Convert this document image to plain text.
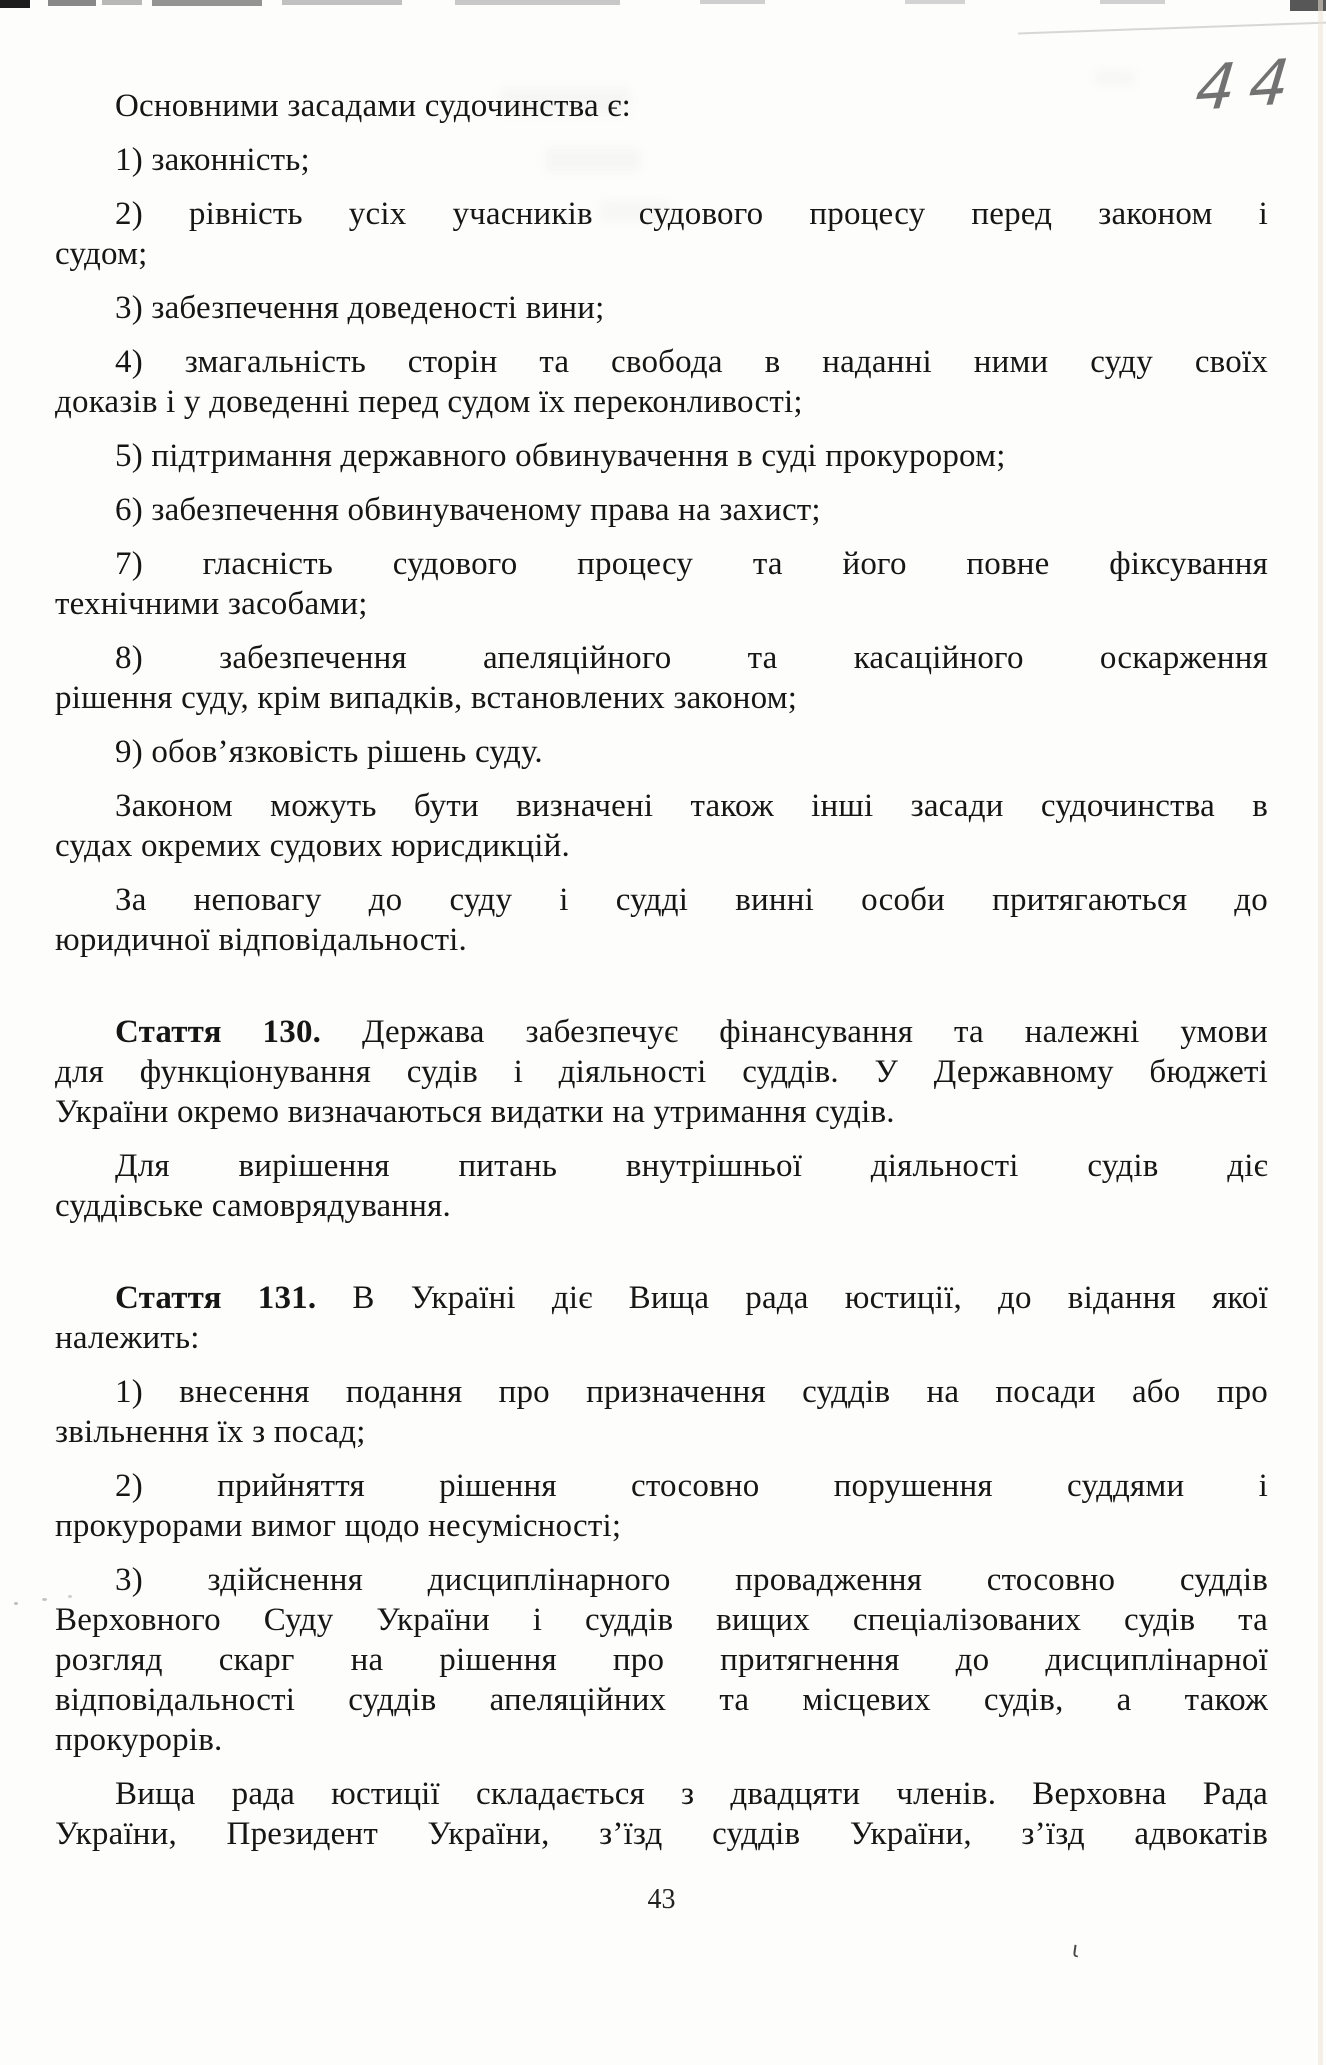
44
Основними засадами судочинства є:
1) законність;
2) рівність усіх учасників судового процесу перед законом і
судом;
3) забезпечення доведеності вини;
4) змагальність сторін та свобода в наданні ними суду своїх
доказів і у доведенні перед судом їх переконливості;
5) підтримання державного обвинувачення в суді прокурором;
6) забезпечення обвинуваченому права на захист;
7) гласність судового процесу та його повне фіксування
технічними засобами;
8) забезпечення апеляційного та касаційного оскарження
рішення суду, крім випадків, встановлених законом;
9) обов’язковість рішень суду.
Законом можуть бути визначені також інші засади судочинства в
судах окремих судових юрисдикцій.
За неповагу до суду і судді винні особи притягаються до
юридичної відповідальності.
Стаття 130. Держава забезпечує фінансування та належні умови
для функціонування судів і діяльності суддів. У Державному бюджеті
України окремо визначаються видатки на утримання судів.
Для вирішення питань внутрішньої діяльності судів діє
суддівське самоврядування.
Стаття 131. В Україні діє Вища рада юстиції, до відання якої
належить:
1) внесення подання про призначення суддів на посади або про
звільнення їх з посад;
2) прийняття рішення стосовно порушення суддями і
прокурорами вимог щодо несумісності;
3) здійснення дисциплінарного провадження стосовно суддів
Верховного Суду України і суддів вищих спеціалізованих судів та
розгляд скарг на рішення про притягнення до дисциплінарної
відповідальності суддів апеляційних та місцевих судів, а також
прокурорів.
Вища рада юстиції складається з двадцяти членів. Верховна Рада
України, Президент України, з’їзд суддів України, з’їзд адвокатів
43
ɩ
